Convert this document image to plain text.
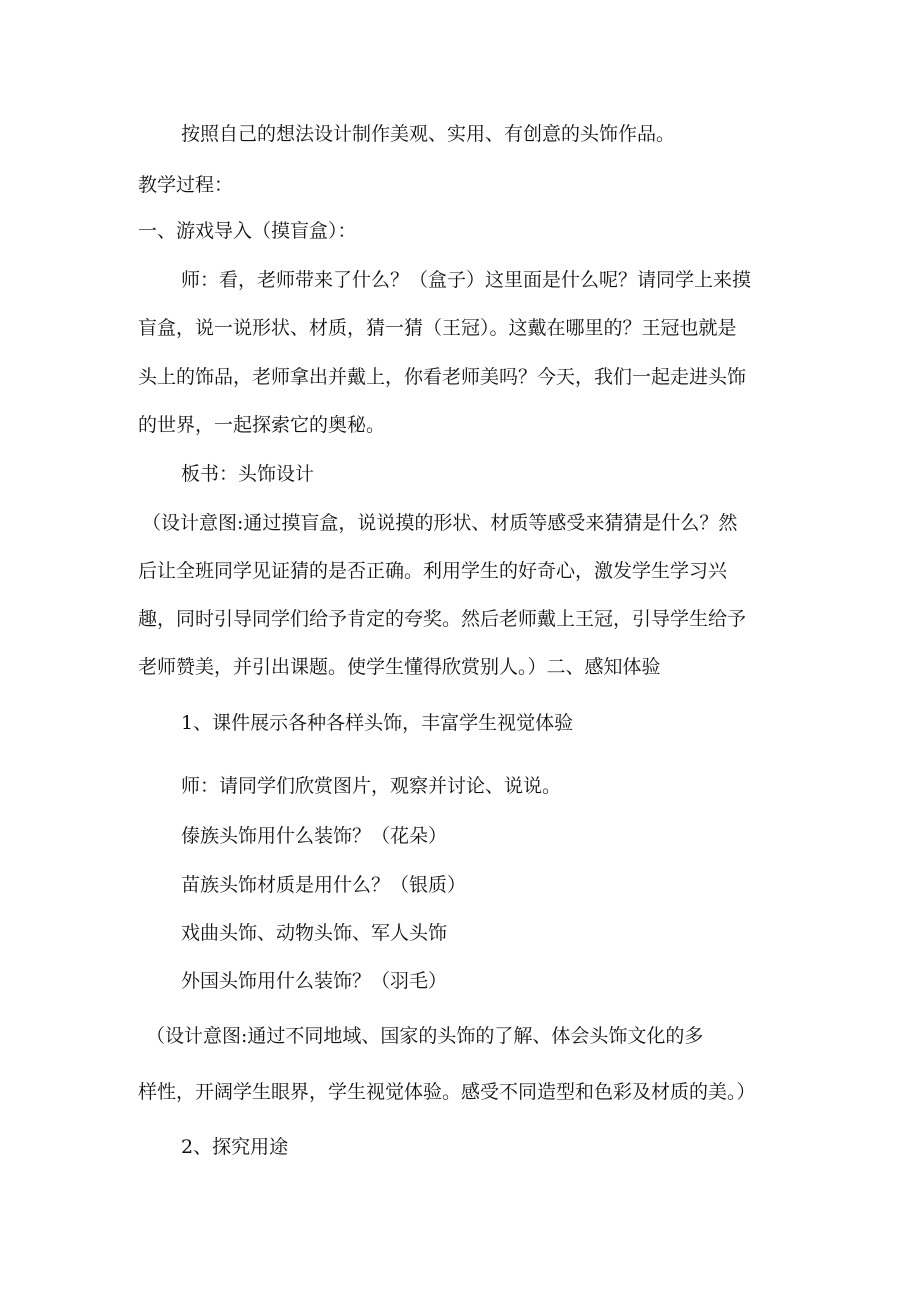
按照自己的想法设计制作美观、实用、有创意的头饰作品。

教学过程：

一、游戏导入（摸盲盒）：

师：看，老师带来了什么？（盒子）这里面是什么呢？请同学上来摸

盲盒，说一说形状、材质，猜一猜（王冠）。这戴在哪里的？王冠也就是

头上的饰品，老师拿出并戴上，你看老师美吗？今天，我们一起走进头饰

的世界，一起探索它的奥秘。

板书：头饰设计

（设计意图:通过摸盲盒，说说摸的形状、材质等感受来猜猜是什么？然

后让全班同学见证猜的是否正确。利用学生的好奇心，激发学生学习兴

趣，同时引导同学们给予肯定的夸奖。然后老师戴上王冠，引导学生给予

老师赞美，并引出课题。使学生懂得欣赏别人。）二、感知体验

1、课件展示各种各样头饰，丰富学生视觉体验

师：请同学们欣赏图片，观察并讨论、说说。

傣族头饰用什么装饰？（花朵）

苗族头饰材质是用什么？（银质）

戏曲头饰、动物头饰、军人头饰

外国头饰用什么装饰？（羽毛）

（设计意图:通过不同地域、国家的头饰的了解、体会头饰文化的多

样性，开阔学生眼界，学生视觉体验。感受不同造型和色彩及材质的美。）

2、探究用途
